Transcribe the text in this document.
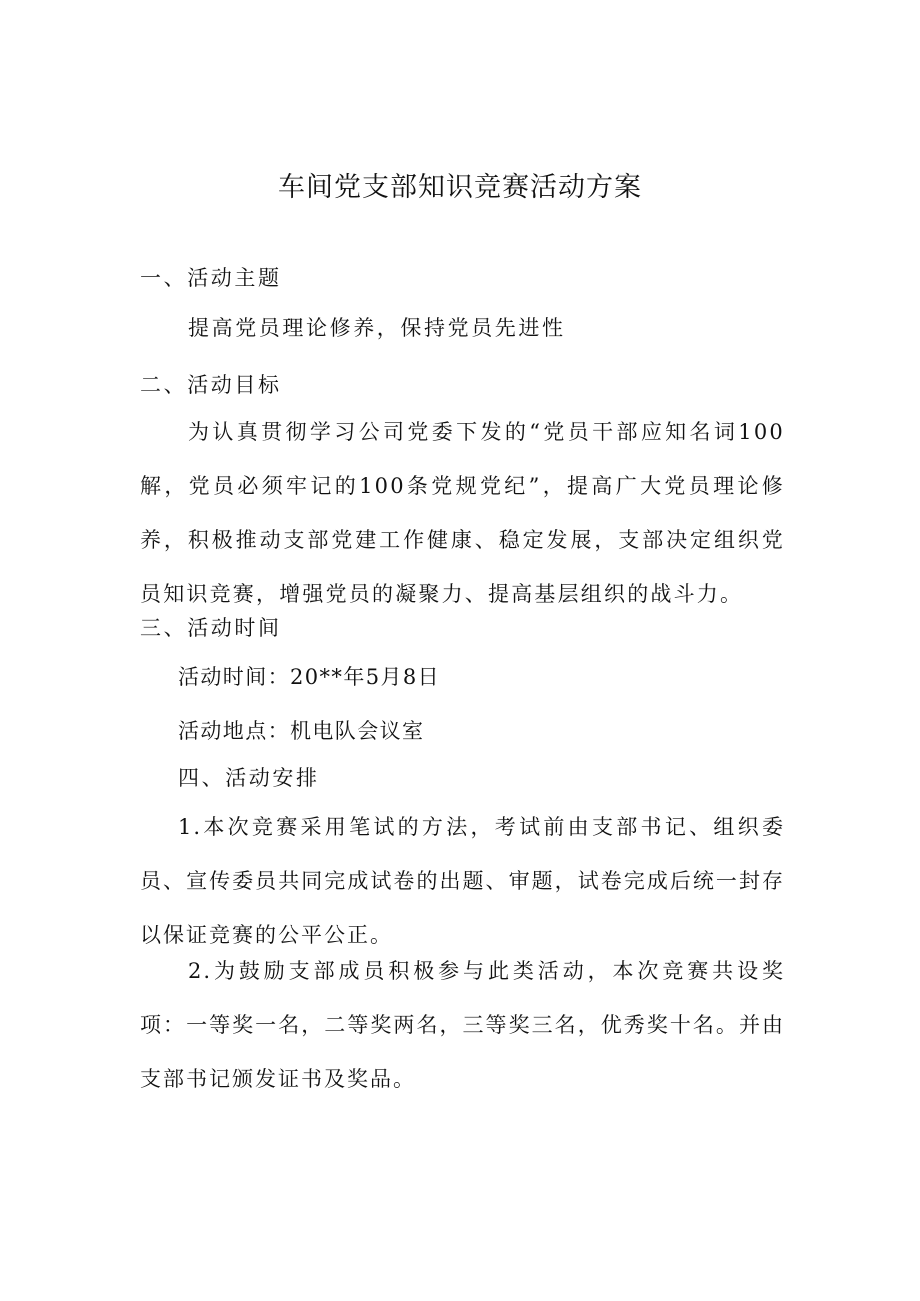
车间党支部知识竞赛活动方案
一、活动主题
提高党员理论修养，保持党员先进性
二、活动目标
为认真贯彻学习公司党委下发的“党员干部应知名词100解，党员必须牢记的100条党规党纪”，提高广大党员理论修养，积极推动支部党建工作健康、稳定发展，支部决定组织党员知识竞赛，增强党员的凝聚力、提高基层组织的战斗力。
三、活动时间
活动时间：20**年5月8日
活动地点：机电队会议室
四、活动安排
1.本次竞赛采用笔试的方法，考试前由支部书记、组织委员、宣传委员共同完成试卷的出题、审题，试卷完成后统一封存以保证竞赛的公平公正。
2.为鼓励支部成员积极参与此类活动，本次竞赛共设奖项：一等奖一名，二等奖两名，三等奖三名，优秀奖十名。并由支部书记颁发证书及奖品。
